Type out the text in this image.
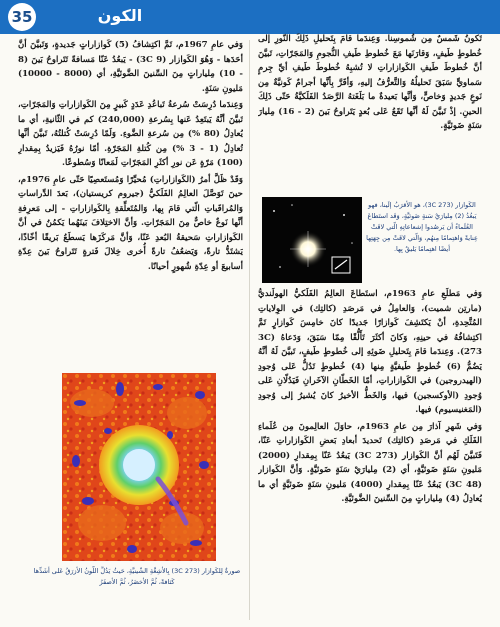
35	الكون

وَفي عامِ 1967م، تَمَّ اكتِشافُ (5) كَوازاراتٍ جَديدةٍ، وَتَبيَّنَ أنَّ أحَدَها - وَهُوَ الكَوازار (9 3C) - يَبعُدُ عَنّا مَسافةً تَتَراوحُ بَينَ (8 - 10) مِلياراتٍ مِنَ السِّنينَ الضَّوئيَّةِ، أي (8000 - 10000) مَليونِ سَنَةٍ.

وَعِندَما دُرِسَتْ سُرعةُ تَباعُدِ عَدَدٍ كَبيرٍ مِنَ الكَوازاراتِ وَالمَجَرّاتِ، تَبيَّنَ أنَّهُ يَبتَعِدُ عَنها بِسُرعةِ (240,000) كم في الثّانيةِ، أي ما يُعادِلُ (80 %) مِن سُرعةِ الضَّوءِ. وَلَمّا دُرِسَتْ كُتلتُهُ، تَبيَّنَ أنَّها تُعادِلُ (1 - 3 %) مِن كُتلةِ المَجَرّةِ. أمّا نورُهُ فَيَزيدُ بِمِقدارِ (100) مَرّةٍ عَن نورِ أكثَرِ المَجَرّاتِ لَمَعانًا وَسُطوعًا.

وَقَدْ ظَلَّ أمرُ (الكَوازاراتِ) مُحيِّرًا وَمُستَعصِيًا حَتّى عامِ 1976م، حينَ تَوَصَّلَ العالِمُ الفَلَكيُّ (جيروم كريستيان)، بَعدَ الدِّراساتِ وَالمُراقَباتِ الّتي قامَ بِها، وَالمُتَعلِّقةِ بِالكَوازاراتِ - إلى مَعرِفةِ أنَّها نَوعٌ خاصٌّ مِنَ المَجَرّاتِ. وَأنَّ الاختِلافَ بَينَهُما يَكمُنُ في أنَّ الكَوازاراتِ سَحيقةُ البُعدِ عَنّا، وَأنَّ مَركَزَها يَسطَعُ بَريقًا أخّاذًا، يَشتَدُّ تارةً، وَيَضعُفُ تارةً أُخرى خِلالَ فَترةٍ تَتَراوحُ بَينَ عِدّةِ أسابيعَ أو عِدّةِ شُهورٍ أحيانًا.

صورةٌ لِلكَوازار (3C 273) بِالأشِعَّةِ الشّينيَّةِ، حَيثُ يَدُلُّ اللَّونُ الأزرَقُ عَلى أشَدِّها كَثافةً، ثُمَّ الأخضَرُ، ثُمَّ الأصفَرُ

تَكونُ شَمسٌ مِن شُموسِنا. وَعِندَما قامَ بِتَحليلِ ذَلِكَ النّورِ إلى خُطوطٍ طَيفٍ، وَقارَنَها مَعَ خُطوطِ طَيفِ النُّجومِ وَالمَجَرّاتِ، تَبيَّنَ أنَّ خُطوطَ طَيفِ الكَوازاراتِ لا تُشبِهُ خُطوطَ طَيفِ أيِّ جِرمٍ سَماويٍّ سَبَقَ تَحليلُهُ وَالتَّعرُّفُ إليهِ، وَأقَرَّ بِأنَّها أجرامٌ كَونيَّةٌ مِن نَوعٍ جَديدٍ وَخاصٍّ، وَأنَّها بَعيدةٌ ما بَلَغَتهُ الرَّصَدُ الفَلَكيَّةُ حَتّى ذَلِكَ الحينِ. إذْ تَبيَّنَ لَهُ أنَّها تَقَعُ عَلى بُعدٍ يَتَراوحُ بَينَ (2 - 16) مِليارَ سَنَةٍ ضَوئيَّةٍ.

الكَوازار (3C 273)، هو الأقرَبُ إلَينا، فهو يَبعُدُ (2) مِليارَيْ سَنةٍ ضَوئيَّةٍ، وَقَد استَطاعَ العُلَماءُ أن يَرصُدوا إشعاعاتِهِ الّتي لاقَتْ عِنايةً وَاهتِمامًا مِنهُم، وَالّتي لاقَتْ مِن جِهَتِها أيضًا اهتِمامًا يَليقُ بِها.

وَفي مَطلَعِ عامِ 1963م، استَطاعَ العالِمُ الفَلَكيُّ الهولَنديُّ (مارتِن شميت)، وَالعامِلُ في مَرصَدِ (كالتِك) في الوِلاياتِ المُتَّحِدةِ، أنْ يَكتَشِفَ كَوازارًا جَديدًا كانَ خامِسَ كَوازارٍ تَمَّ اكتِشافُهُ في حينِهِ، وَكانَ أكثَرَ تَأَلُّقًا مِمّا سَبَقَ، وَدَعاهُ (3C 273). وَعِندَما قامَ بِتَحليلِ ضَوئِهِ إلى خُطوطٍ طَيفٍ، تَبيَّنَ لَهُ أنَّهُ يَضُمُّ (6) خُطوطٍ طَيفيَّةٍ مِنها (4) خُطوطٍ تَدُلُّ عَلى وُجودِ (الهيدروجين) في الكَوازاراتِ، أمّا الخَطّانِ الآخَرانِ فَيَدُلّانِ عَلى وُجودِ (الأوكسجين) فيها، وَالخَطُّ الأخيرُ كانَ يُشيرُ إلى وُجودِ (المَغنيسيوم) فيها.

وَفي شَهرِ آذارَ مِن عامِ 1963م، حاوَلَ العالِمونَ مِن عُلَماءِ الفَلَكِ في مَرصَدِ (كالتِك) تَحديدَ أبعادِ بَعضِ الكَوازاراتِ عَنّا، فَتَبيَّنَ لَهُم أنَّ الكَوازار (3C 273) يَبعُدُ عَنّا بِمِقدارِ (2000) مَليونِ سَنَةٍ ضَوئيَّةٍ، أي (2) مِليارَيْ سَنَةٍ ضَوئيَّةٍ. وَأنَّ الكَوازار (3C 48) يَبعُدُ عَنّا بِمِقدارِ (4000) مَليونِ سَنَةٍ ضَوئيَّةٍ أي ما يُعادِلُ (4) مِلياراتٍ مِنَ السِّنينَ الضَّوئيَّةِ.
